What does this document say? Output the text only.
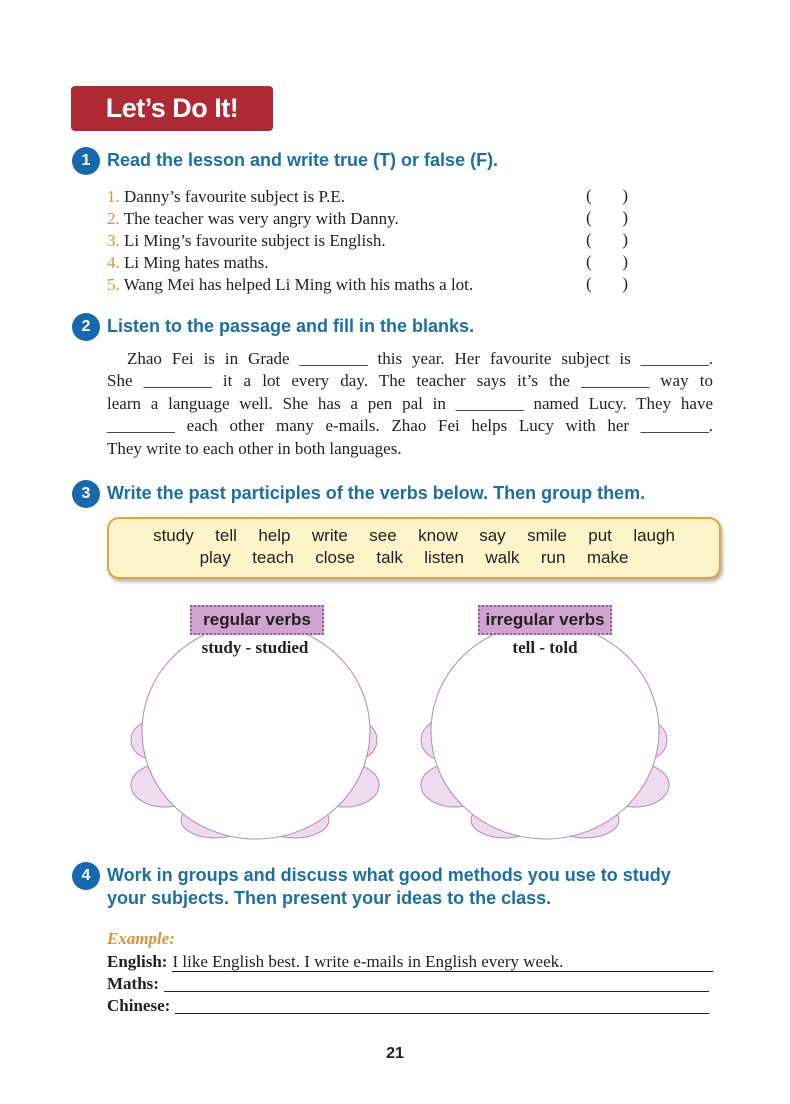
Let’s Do It!
1 Read the lesson and write true (T) or false (F).
1. Danny’s favourite subject is P.E.	( )
2. The teacher was very angry with Danny.	( )
3. Li Ming’s favourite subject is English.	( )
4. Li Ming hates maths.	( )
5. Wang Mei has helped Li Ming with his maths a lot.	( )
2 Listen to the passage and fill in the blanks.
Zhao Fei is in Grade ________ this year. Her favourite subject is ________.
She ________ it a lot every day. The teacher says it’s the ________ way to
learn a language well. She has a pen pal in ________ named Lucy. They have
________ each other many e-mails. Zhao Fei helps Lucy with her ________.
They write to each other in both languages.
3 Write the past participles of the verbs below. Then group them.
study  tell  help  write  see  know  say  smile  put  laugh
play  teach  close  talk  listen  walk  run  make
regular verbs
study - studied
irregular verbs
tell - told
4 Work in groups and discuss what good methods you use to study
your subjects. Then present your ideas to the class.
Example:
English: I like English best. I write e-mails in English every week.
Maths:
Chinese:
21
